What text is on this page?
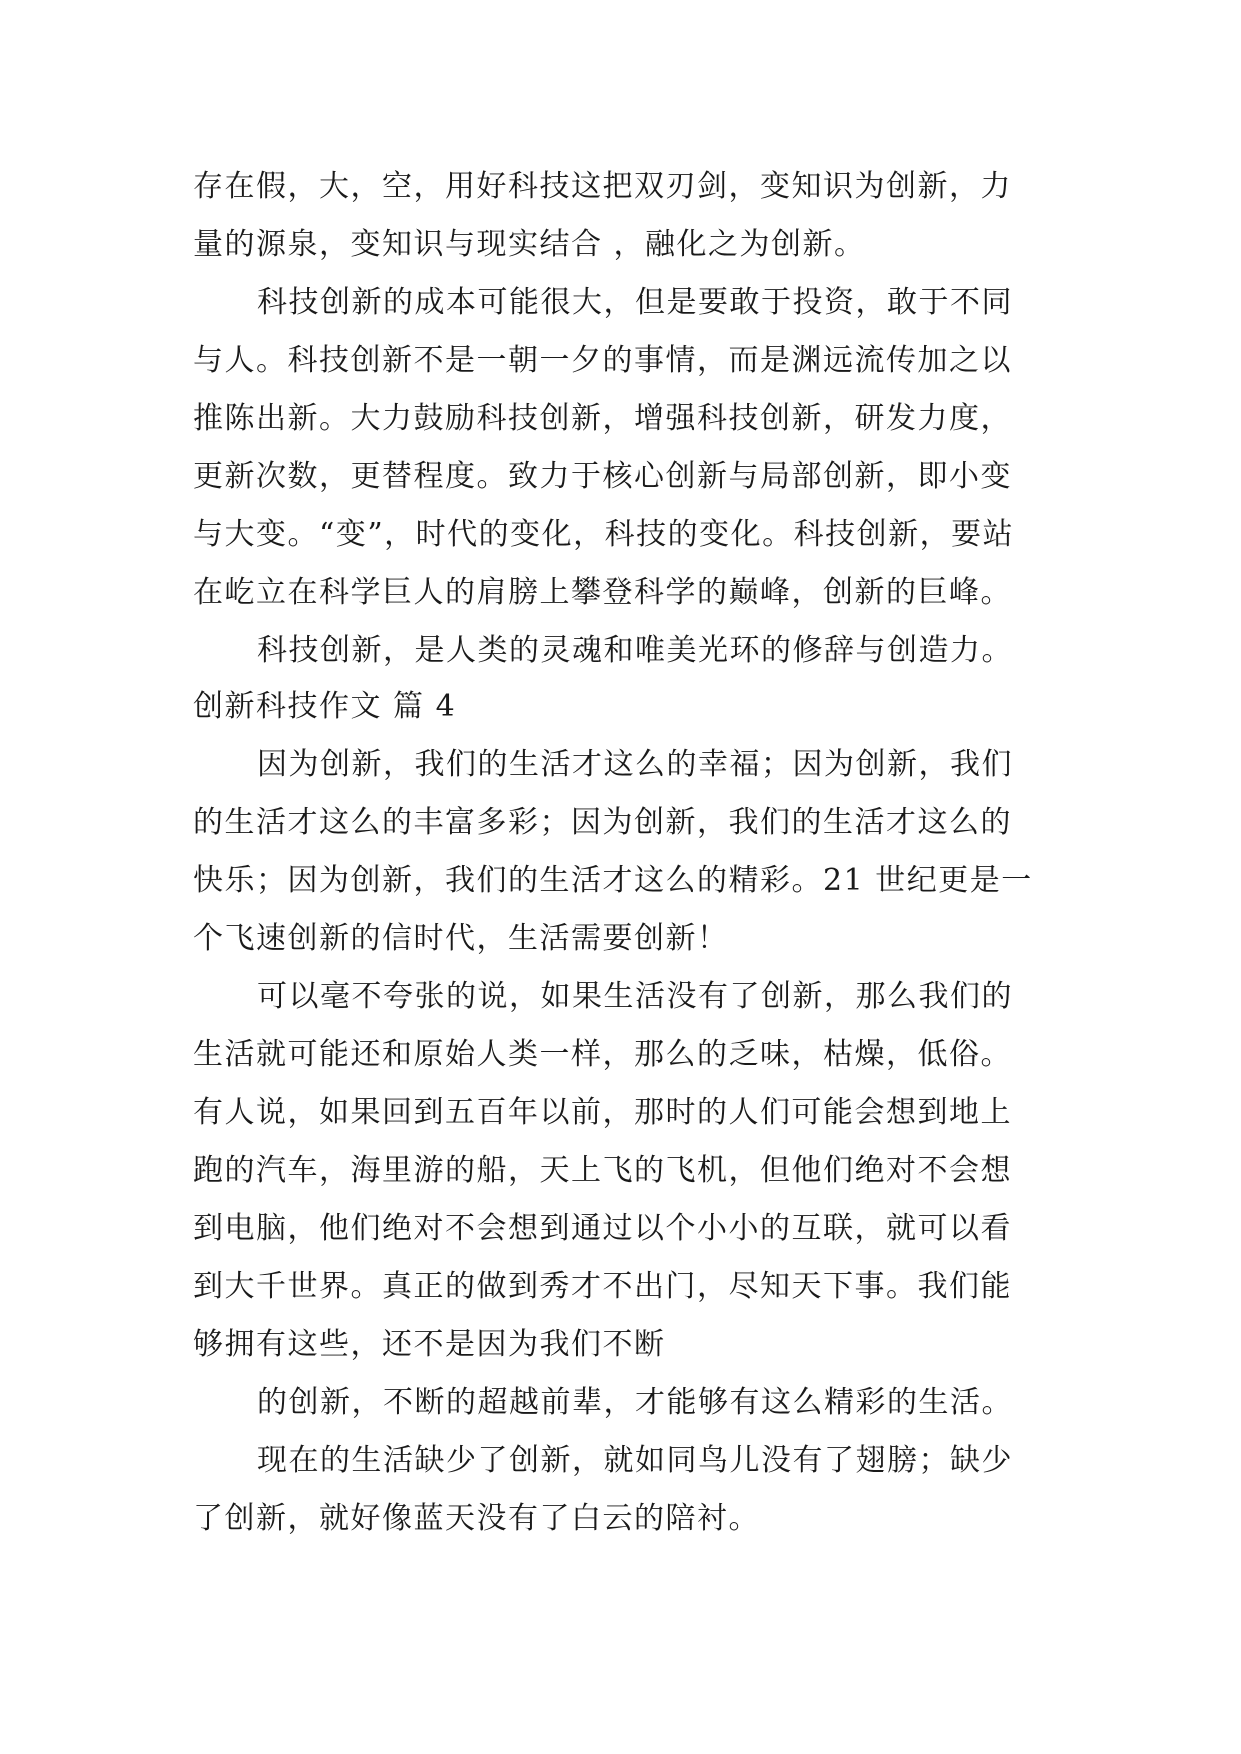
存在假，大，空，用好科技这把双刃剑，变知识为创新，力
量的源泉，变知识与现实结合 ，融化之为创新。
科技创新的成本可能很大，但是要敢于投资，敢于不同
与人。科技创新不是一朝一夕的事情，而是渊远流传加之以
推陈出新。大力鼓励科技创新，增强科技创新，研发力度，
更新次数，更替程度。致力于核心创新与局部创新，即小变
与大变。“变”，时代的变化，科技的变化。科技创新，要站
在屹立在科学巨人的肩膀上攀登科学的巅峰，创新的巨峰。
科技创新，是人类的灵魂和唯美光环的修辞与创造力。
创新科技作文 篇 4
因为创新，我们的生活才这么的幸福；因为创新，我们
的生活才这么的丰富多彩；因为创新，我们的生活才这么的
快乐；因为创新，我们的生活才这么的精彩。21 世纪更是一
个飞速创新的信时代，生活需要创新！
可以毫不夸张的说，如果生活没有了创新，那么我们的
生活就可能还和原始人类一样，那么的乏味，枯燥，低俗。
有人说，如果回到五百年以前，那时的人们可能会想到地上
跑的汽车，海里游的船，天上飞的飞机，但他们绝对不会想
到电脑，他们绝对不会想到通过以个小小的互联，就可以看
到大千世界。真正的做到秀才不出门，尽知天下事。我们能
够拥有这些，还不是因为我们不断
的创新，不断的超越前辈，才能够有这么精彩的生活。
现在的生活缺少了创新，就如同鸟儿没有了翅膀；缺少
了创新，就好像蓝天没有了白云的陪衬。
